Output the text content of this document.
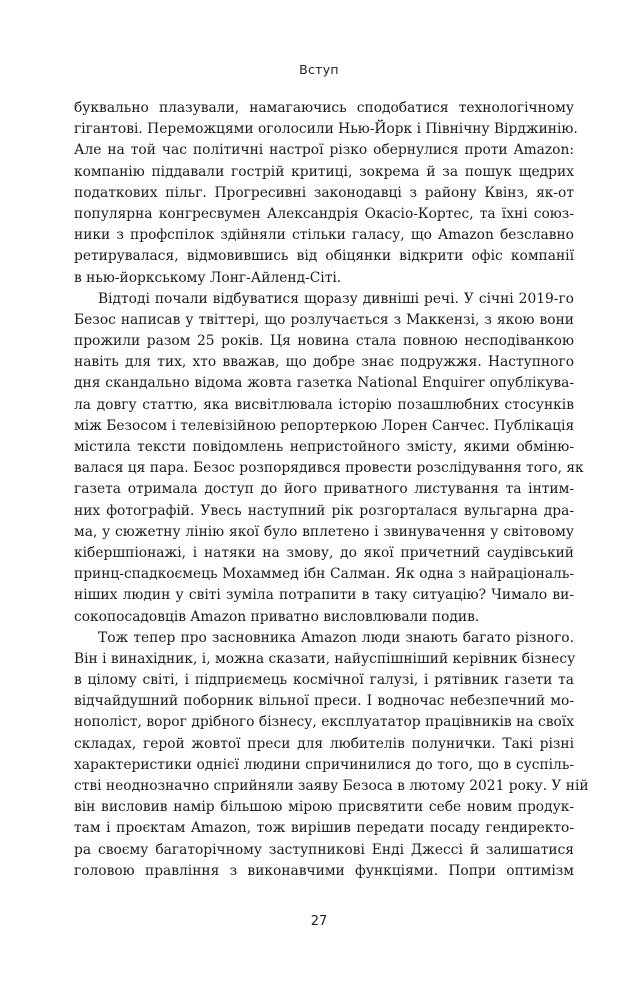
Вступ
буквально плазували, намагаючись сподобатися технологічному
гігантові. Переможцями оголосили Нью-Йорк і Північну Вірджинію.
Але на той час політичні настрої різко обернулися проти Amazon:
компанію піддавали гострій критиці, зокрема й за пошук щедрих
податкових пільг. Прогресивні законодавці з району Квінз, як-от
популярна конгресвумен Александрія Окасіо-Кортес, та їхні союз-
ники з профспілок здійняли стільки галасу, що Amazon безславно
ретирувалася, відмовившись від обіцянки відкрити офіс компанії
в нью-йоркському Лонг-Айленд-Сіті.
Відтоді почали відбуватися щоразу дивніші речі. У січні 2019-го
Безос написав у твіттері, що розлучається з Маккензі, з якою вони
прожили разом 25 років. Ця новина стала повною несподіванкою
навіть для тих, хто вважав, що добре знає подружжя. Наступного
дня скандально відома жовта газетка National Enquirer опублікува-
ла довгу статтю, яка висвітлювала історію позашлюбних стосунків
між Безосом і телевізійною репортеркою Лорен Санчес. Публікація
містила тексти повідомлень непристойного змісту, якими обміню-
валася ця пара. Безос розпорядився провести розслідування того, як
газета отримала доступ до його приватного листування та інтим-
них фотографій. Увесь наступний рік розгорталася вульгарна дра-
ма, у сюжетну лінію якої було вплетено і звинувачення у світовому
кібершпіонажі, і натяки на змову, до якої причетний саудівський
принц-спадкоємець Мохаммед ібн Салман. Як одна з найраціональ-
ніших людин у світі зуміла потрапити в таку ситуацію? Чимало ви-
сокопосадовців Amazon приватно висловлювали подив.
Тож тепер про засновника Amazon люди знають багато різного.
Він і винахідник, і, можна сказати, найуспішніший керівник бізнесу
в цілому світі, і підприємець космічної галузі, і рятівник газети та
відчайдушний поборник вільної преси. І водночас небезпечний мо-
нополіст, ворог дрібного бізнесу, експлуататор працівників на своїх
складах, герой жовтої преси для любителів полунички. Такі різні
характеристики однієї людини спричинилися до того, що в суспіль-
стві неоднозначно сприйняли заяву Безоса в лютому 2021 року. У ній
він висловив намір більшою мірою присвятити себе новим продук-
там і проєктам Amazon, тож вирішив передати посаду гендиректо-
ра своєму багаторічному заступникові Енді Джессі й залишатися
головою правління з виконавчими функціями. Попри оптимізм
27
